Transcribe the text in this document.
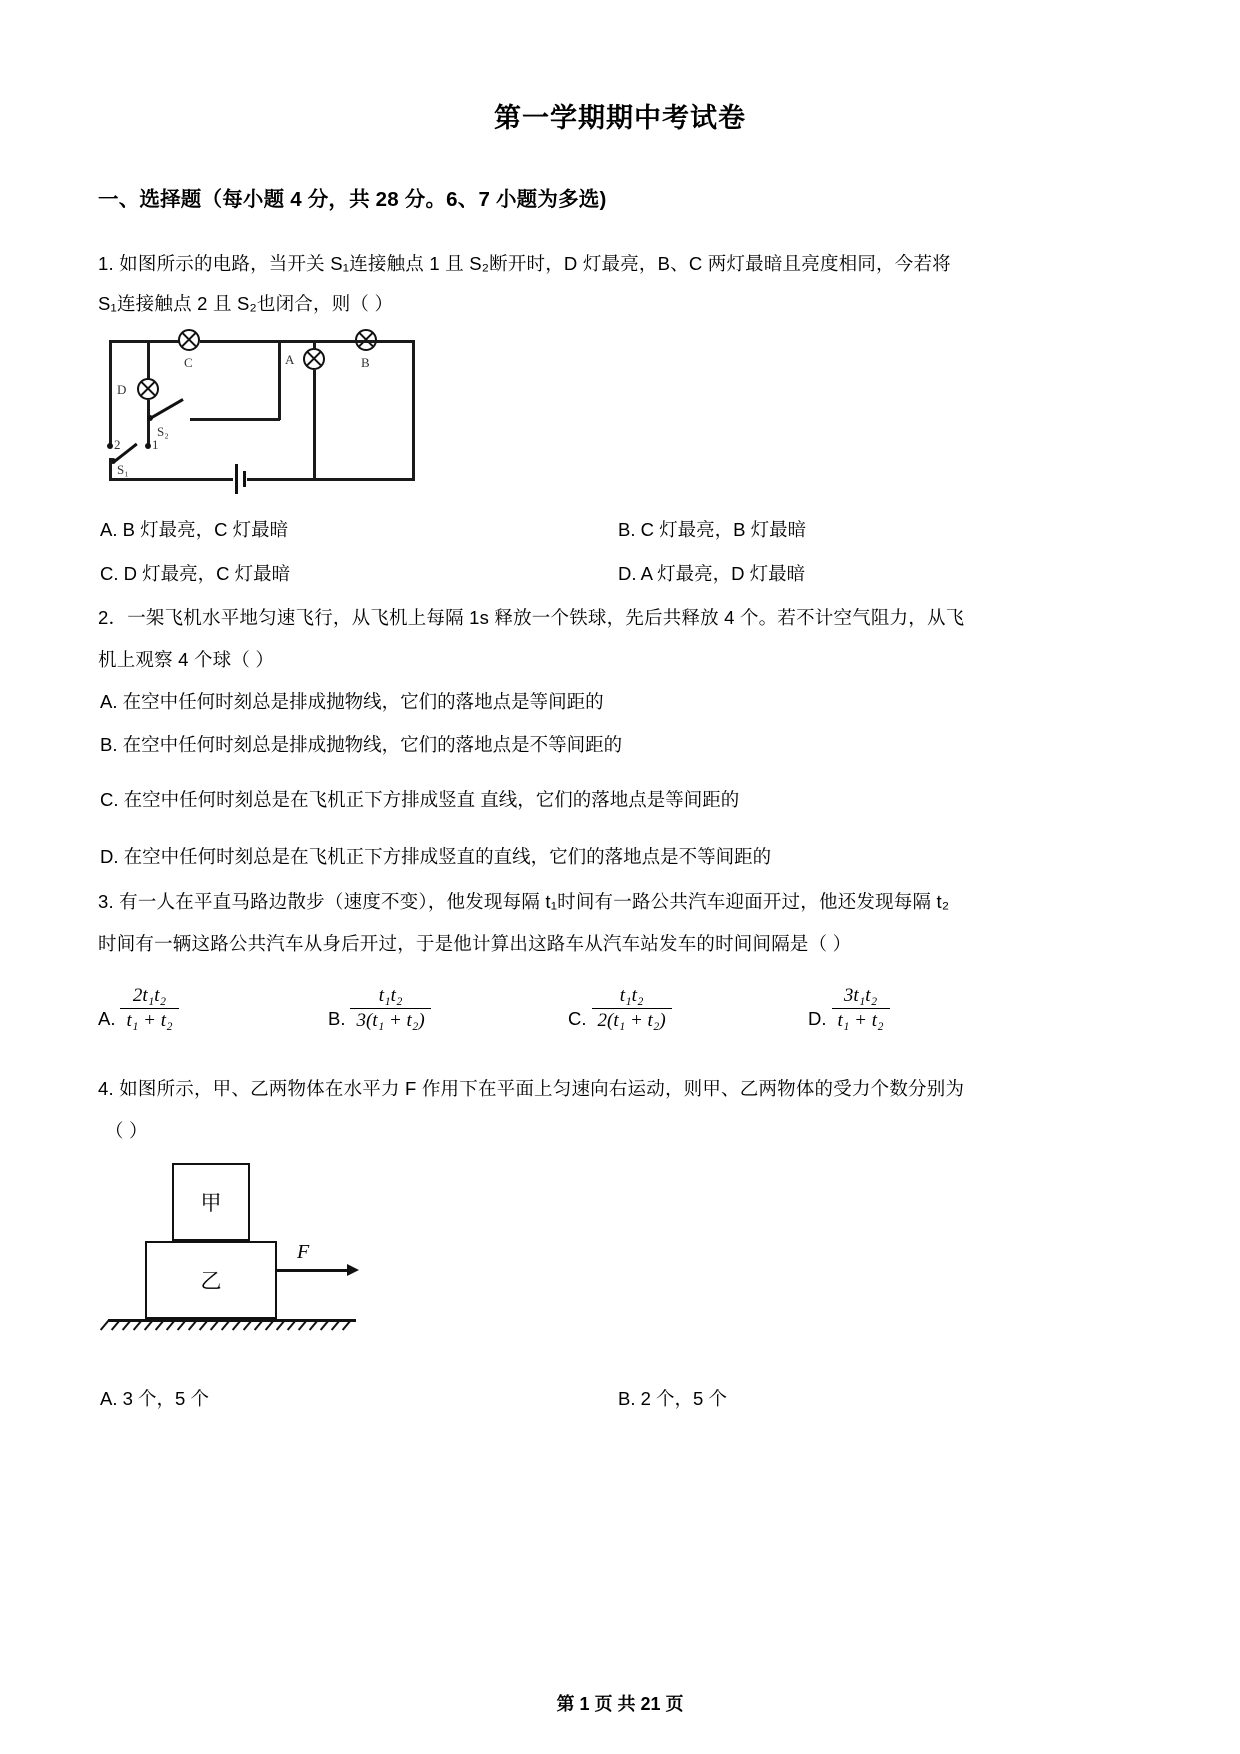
第一学期期中考试卷
一、选择题（每小题 4 分，共 28 分。6、7 小题为多选)
1. 如图所示的电路，当开关 S₁连接触点 1 且 S₂断开时，D 灯最亮，B、C 两灯最暗且亮度相同，今若将
S₁连接触点 2 且 S₂也闭合，则（ ）
C	B
D
S₂
2 1
S₁
A
A. B 灯最亮，C 灯最暗	B. C 灯最亮，B 灯最暗
C. D 灯最亮，C 灯最暗	D. A 灯最亮，D 灯最暗
2．一架飞机水平地匀速飞行，从飞机上每隔 1s 释放一个铁球，先后共释放 4 个。若不计空气阻力，从飞
机上观察 4 个球（ ）
A. 在空中任何时刻总是排成抛物线，它们的落地点是等间距的
B. 在空中任何时刻总是排成抛物线，它们的落地点是不等间距的
C. 在空中任何时刻总是在飞机正下方排成竖直 直线，它们的落地点是等间距的
D. 在空中任何时刻总是在飞机正下方排成竖直的直线，它们的落地点是不等间距的
3. 有一人在平直马路边散步（速度不变），他发现每隔 t₁时间有一路公共汽车迎面开过，他还发现每隔 t₂
时间有一辆这路公共汽车从身后开过，于是他计算出这路车从汽车站发车的时间间隔是（ ）
A. $\frac{\text{2t₁t₂}}{\text{t₁ + t₂}}$	B. $\frac{\text{t₁t₂}}{\text{3(t₁ + t₂)}}$	C. $\frac{\text{t₁t₂}}{\text{2(t₁ + t₂)}}$	D. $\frac{\text{3t₁t₂}}{\text{t₁ + t₂}}$
4. 如图所示，甲、乙两物体在水平力 F 作用下在平面上匀速向右运动，则甲、乙两物体的受力个数分别为
（ ）
甲
乙
F
A. 3 个，5 个	B. 2 个，5 个
第 1 页 共 21 页
